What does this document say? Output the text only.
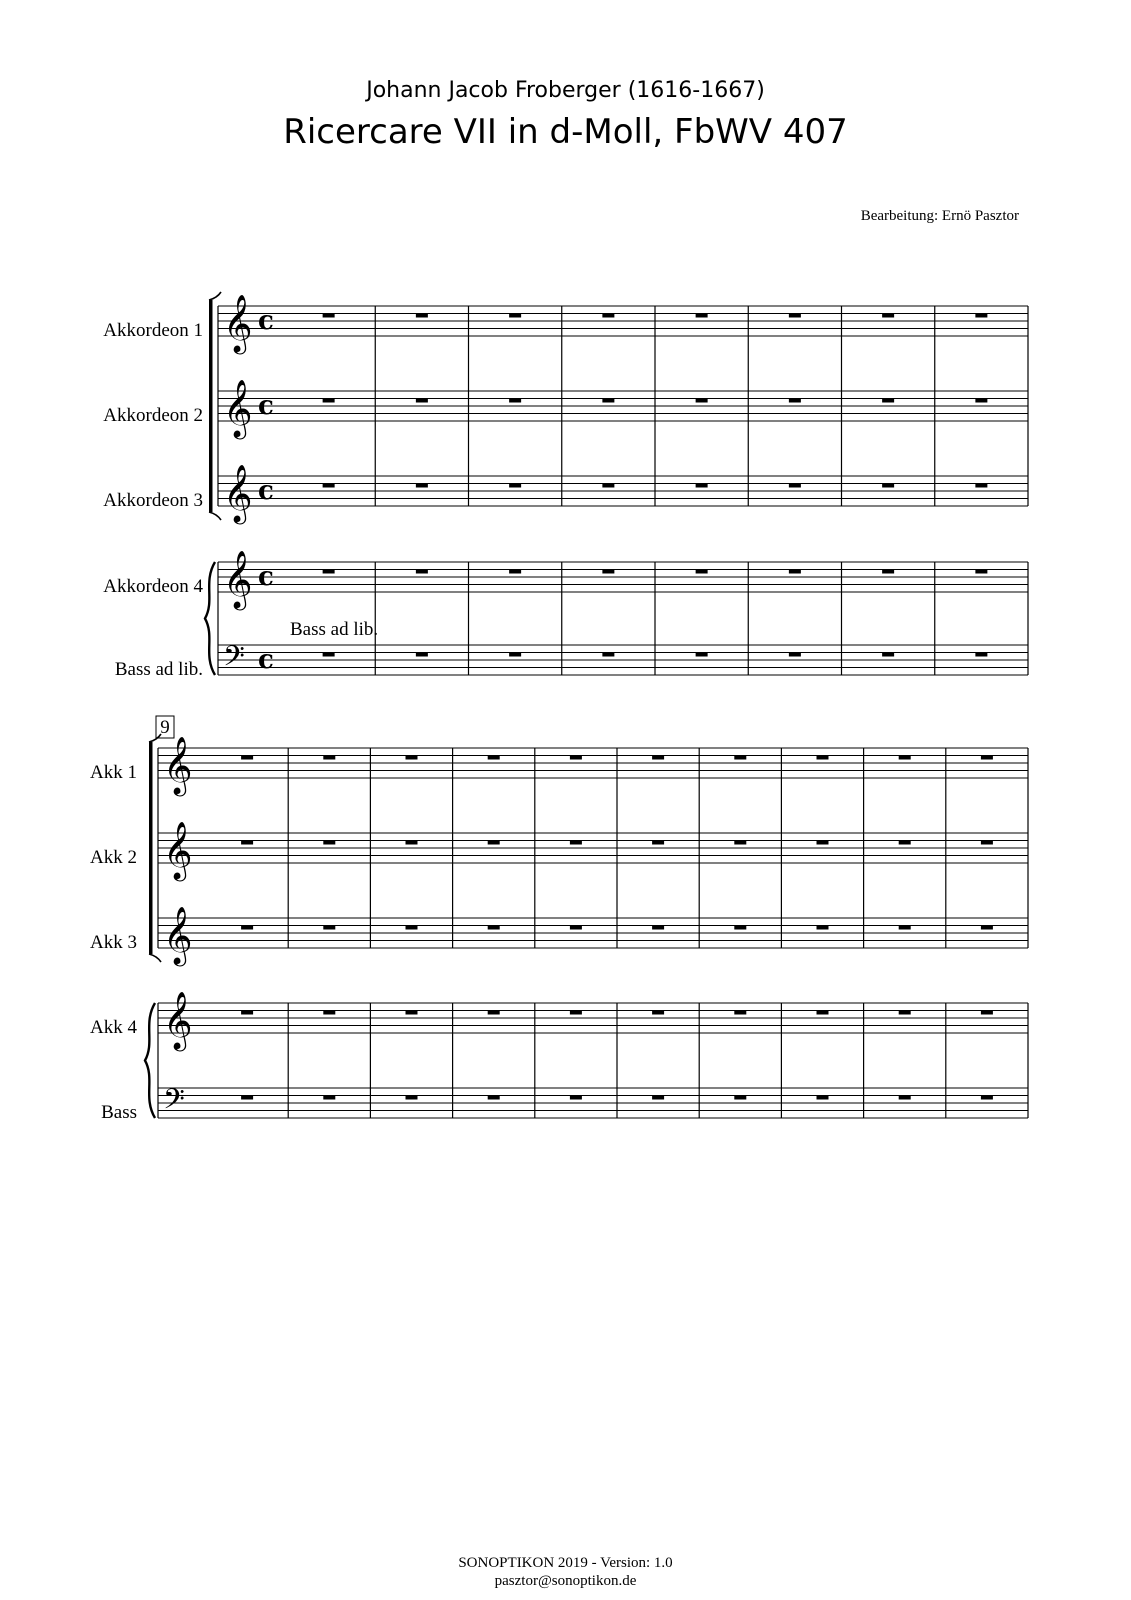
Johann Jacob Froberger (1616-1667)
Ricercare VII in d-Moll, FbWV 407
Bearbeitung: Ernö Pasztor
Akkordeon 1
Akkordeon 2
Akkordeon 3
Akkordeon 4
Bass ad lib.
Bass ad lib.
9
Akk 1
Akk 2
Akk 3
Akk 4
Bass
𝄞 c
𝄞 c
𝄞 c
𝄞 c
𝄢 c
𝄞
𝄞
𝄞
𝄞
𝄢
SONOPTIKON 2019 - Version: 1.0
pasztor@sonoptikon.de
